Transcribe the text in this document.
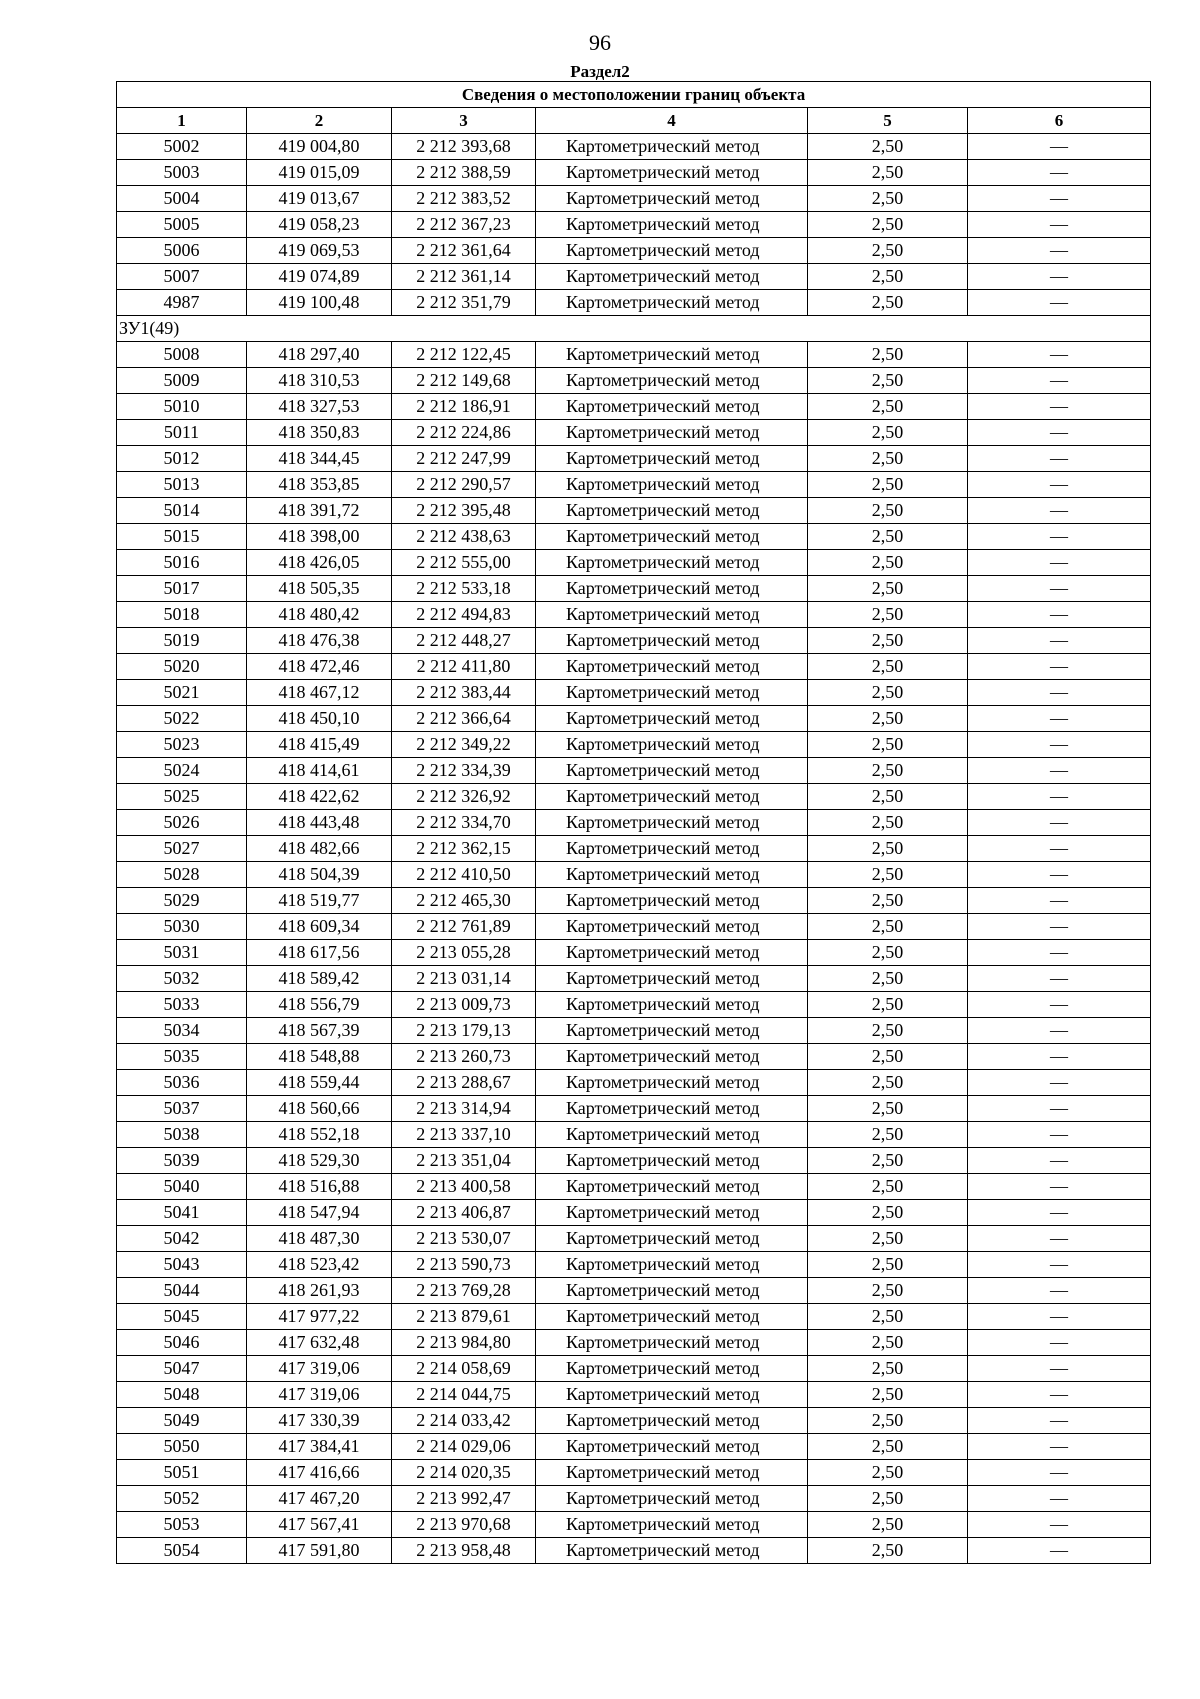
96
Раздел2
Сведения о местоположении границ объекта					
1	2	3	4	5	6
5002	419 004,80	2 212 393,68	Картометрический метод	2,50	—
5003	419 015,09	2 212 388,59	Картометрический метод	2,50	—
5004	419 013,67	2 212 383,52	Картометрический метод	2,50	—
5005	419 058,23	2 212 367,23	Картометрический метод	2,50	—
5006	419 069,53	2 212 361,64	Картометрический метод	2,50	—
5007	419 074,89	2 212 361,14	Картометрический метод	2,50	—
4987	419 100,48	2 212 351,79	Картометрический метод	2,50	—
ЗУ1(49)					
5008	418 297,40	2 212 122,45	Картометрический метод	2,50	—
5009	418 310,53	2 212 149,68	Картометрический метод	2,50	—
5010	418 327,53	2 212 186,91	Картометрический метод	2,50	—
5011	418 350,83	2 212 224,86	Картометрический метод	2,50	—
5012	418 344,45	2 212 247,99	Картометрический метод	2,50	—
5013	418 353,85	2 212 290,57	Картометрический метод	2,50	—
5014	418 391,72	2 212 395,48	Картометрический метод	2,50	—
5015	418 398,00	2 212 438,63	Картометрический метод	2,50	—
5016	418 426,05	2 212 555,00	Картометрический метод	2,50	—
5017	418 505,35	2 212 533,18	Картометрический метод	2,50	—
5018	418 480,42	2 212 494,83	Картометрический метод	2,50	—
5019	418 476,38	2 212 448,27	Картометрический метод	2,50	—
5020	418 472,46	2 212 411,80	Картометрический метод	2,50	—
5021	418 467,12	2 212 383,44	Картометрический метод	2,50	—
5022	418 450,10	2 212 366,64	Картометрический метод	2,50	—
5023	418 415,49	2 212 349,22	Картометрический метод	2,50	—
5024	418 414,61	2 212 334,39	Картометрический метод	2,50	—
5025	418 422,62	2 212 326,92	Картометрический метод	2,50	—
5026	418 443,48	2 212 334,70	Картометрический метод	2,50	—
5027	418 482,66	2 212 362,15	Картометрический метод	2,50	—
5028	418 504,39	2 212 410,50	Картометрический метод	2,50	—
5029	418 519,77	2 212 465,30	Картометрический метод	2,50	—
5030	418 609,34	2 212 761,89	Картометрический метод	2,50	—
5031	418 617,56	2 213 055,28	Картометрический метод	2,50	—
5032	418 589,42	2 213 031,14	Картометрический метод	2,50	—
5033	418 556,79	2 213 009,73	Картометрический метод	2,50	—
5034	418 567,39	2 213 179,13	Картометрический метод	2,50	—
5035	418 548,88	2 213 260,73	Картометрический метод	2,50	—
5036	418 559,44	2 213 288,67	Картометрический метод	2,50	—
5037	418 560,66	2 213 314,94	Картометрический метод	2,50	—
5038	418 552,18	2 213 337,10	Картометрический метод	2,50	—
5039	418 529,30	2 213 351,04	Картометрический метод	2,50	—
5040	418 516,88	2 213 400,58	Картометрический метод	2,50	—
5041	418 547,94	2 213 406,87	Картометрический метод	2,50	—
5042	418 487,30	2 213 530,07	Картометрический метод	2,50	—
5043	418 523,42	2 213 590,73	Картометрический метод	2,50	—
5044	418 261,93	2 213 769,28	Картометрический метод	2,50	—
5045	417 977,22	2 213 879,61	Картометрический метод	2,50	—
5046	417 632,48	2 213 984,80	Картометрический метод	2,50	—
5047	417 319,06	2 214 058,69	Картометрический метод	2,50	—
5048	417 319,06	2 214 044,75	Картометрический метод	2,50	—
5049	417 330,39	2 214 033,42	Картометрический метод	2,50	—
5050	417 384,41	2 214 029,06	Картометрический метод	2,50	—
5051	417 416,66	2 214 020,35	Картометрический метод	2,50	—
5052	417 467,20	2 213 992,47	Картометрический метод	2,50	—
5053	417 567,41	2 213 970,68	Картометрический метод	2,50	—
5054	417 591,80	2 213 958,48	Картометрический метод	2,50	—
